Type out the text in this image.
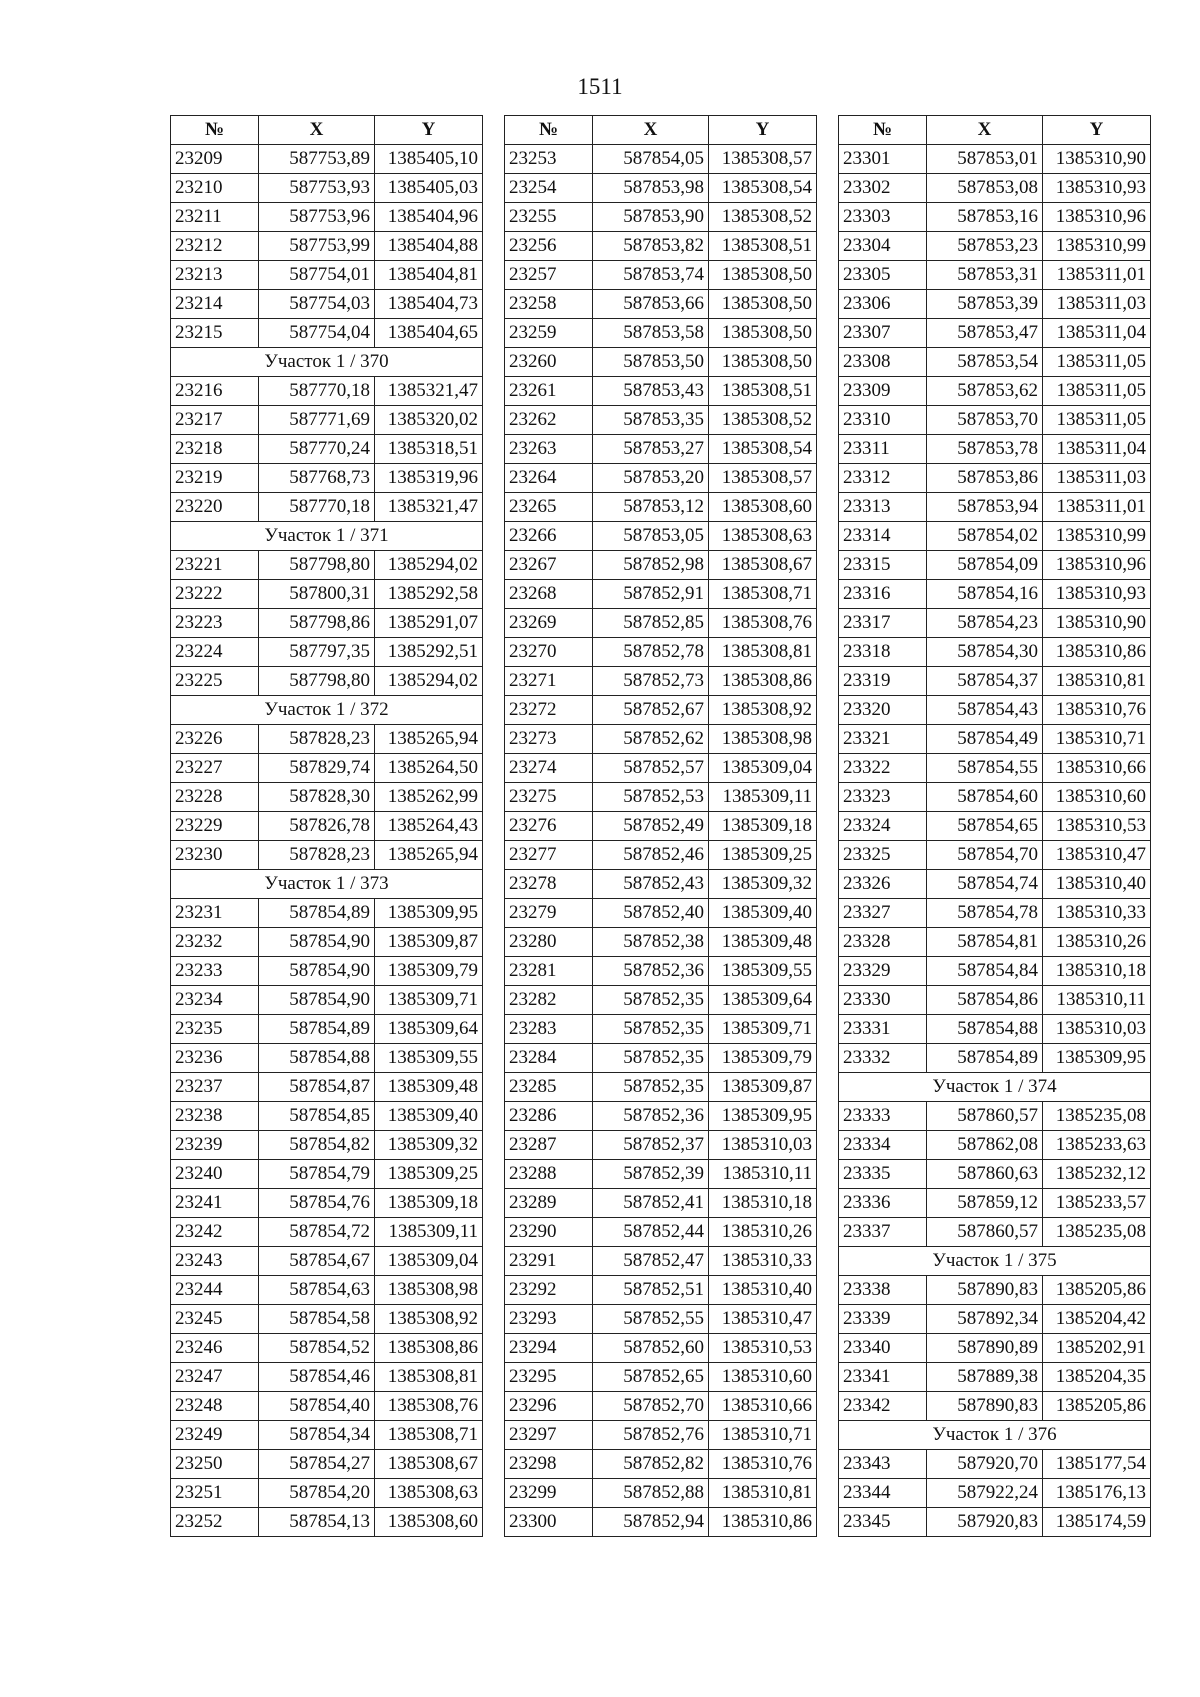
1511
№	X	Y
23209	587753,89	1385405,10
23210	587753,93	1385405,03
23211	587753,96	1385404,96
23212	587753,99	1385404,88
23213	587754,01	1385404,81
23214	587754,03	1385404,73
23215	587754,04	1385404,65
Участок 1 / 370		
23216	587770,18	1385321,47
23217	587771,69	1385320,02
23218	587770,24	1385318,51
23219	587768,73	1385319,96
23220	587770,18	1385321,47
Участок 1 / 371		
23221	587798,80	1385294,02
23222	587800,31	1385292,58
23223	587798,86	1385291,07
23224	587797,35	1385292,51
23225	587798,80	1385294,02
Участок 1 / 372		
23226	587828,23	1385265,94
23227	587829,74	1385264,50
23228	587828,30	1385262,99
23229	587826,78	1385264,43
23230	587828,23	1385265,94
Участок 1 / 373		
23231	587854,89	1385309,95
23232	587854,90	1385309,87
23233	587854,90	1385309,79
23234	587854,90	1385309,71
23235	587854,89	1385309,64
23236	587854,88	1385309,55
23237	587854,87	1385309,48
23238	587854,85	1385309,40
23239	587854,82	1385309,32
23240	587854,79	1385309,25
23241	587854,76	1385309,18
23242	587854,72	1385309,11
23243	587854,67	1385309,04
23244	587854,63	1385308,98
23245	587854,58	1385308,92
23246	587854,52	1385308,86
23247	587854,46	1385308,81
23248	587854,40	1385308,76
23249	587854,34	1385308,71
23250	587854,27	1385308,67
23251	587854,20	1385308,63
23252	587854,13	1385308,60
№	X	Y
23253	587854,05	1385308,57
23254	587853,98	1385308,54
23255	587853,90	1385308,52
23256	587853,82	1385308,51
23257	587853,74	1385308,50
23258	587853,66	1385308,50
23259	587853,58	1385308,50
23260	587853,50	1385308,50
23261	587853,43	1385308,51
23262	587853,35	1385308,52
23263	587853,27	1385308,54
23264	587853,20	1385308,57
23265	587853,12	1385308,60
23266	587853,05	1385308,63
23267	587852,98	1385308,67
23268	587852,91	1385308,71
23269	587852,85	1385308,76
23270	587852,78	1385308,81
23271	587852,73	1385308,86
23272	587852,67	1385308,92
23273	587852,62	1385308,98
23274	587852,57	1385309,04
23275	587852,53	1385309,11
23276	587852,49	1385309,18
23277	587852,46	1385309,25
23278	587852,43	1385309,32
23279	587852,40	1385309,40
23280	587852,38	1385309,48
23281	587852,36	1385309,55
23282	587852,35	1385309,64
23283	587852,35	1385309,71
23284	587852,35	1385309,79
23285	587852,35	1385309,87
23286	587852,36	1385309,95
23287	587852,37	1385310,03
23288	587852,39	1385310,11
23289	587852,41	1385310,18
23290	587852,44	1385310,26
23291	587852,47	1385310,33
23292	587852,51	1385310,40
23293	587852,55	1385310,47
23294	587852,60	1385310,53
23295	587852,65	1385310,60
23296	587852,70	1385310,66
23297	587852,76	1385310,71
23298	587852,82	1385310,76
23299	587852,88	1385310,81
23300	587852,94	1385310,86
№	X	Y
23301	587853,01	1385310,90
23302	587853,08	1385310,93
23303	587853,16	1385310,96
23304	587853,23	1385310,99
23305	587853,31	1385311,01
23306	587853,39	1385311,03
23307	587853,47	1385311,04
23308	587853,54	1385311,05
23309	587853,62	1385311,05
23310	587853,70	1385311,05
23311	587853,78	1385311,04
23312	587853,86	1385311,03
23313	587853,94	1385311,01
23314	587854,02	1385310,99
23315	587854,09	1385310,96
23316	587854,16	1385310,93
23317	587854,23	1385310,90
23318	587854,30	1385310,86
23319	587854,37	1385310,81
23320	587854,43	1385310,76
23321	587854,49	1385310,71
23322	587854,55	1385310,66
23323	587854,60	1385310,60
23324	587854,65	1385310,53
23325	587854,70	1385310,47
23326	587854,74	1385310,40
23327	587854,78	1385310,33
23328	587854,81	1385310,26
23329	587854,84	1385310,18
23330	587854,86	1385310,11
23331	587854,88	1385310,03
23332	587854,89	1385309,95
Участок 1 / 374		
23333	587860,57	1385235,08
23334	587862,08	1385233,63
23335	587860,63	1385232,12
23336	587859,12	1385233,57
23337	587860,57	1385235,08
Участок 1 / 375		
23338	587890,83	1385205,86
23339	587892,34	1385204,42
23340	587890,89	1385202,91
23341	587889,38	1385204,35
23342	587890,83	1385205,86
Участок 1 / 376		
23343	587920,70	1385177,54
23344	587922,24	1385176,13
23345	587920,83	1385174,59
